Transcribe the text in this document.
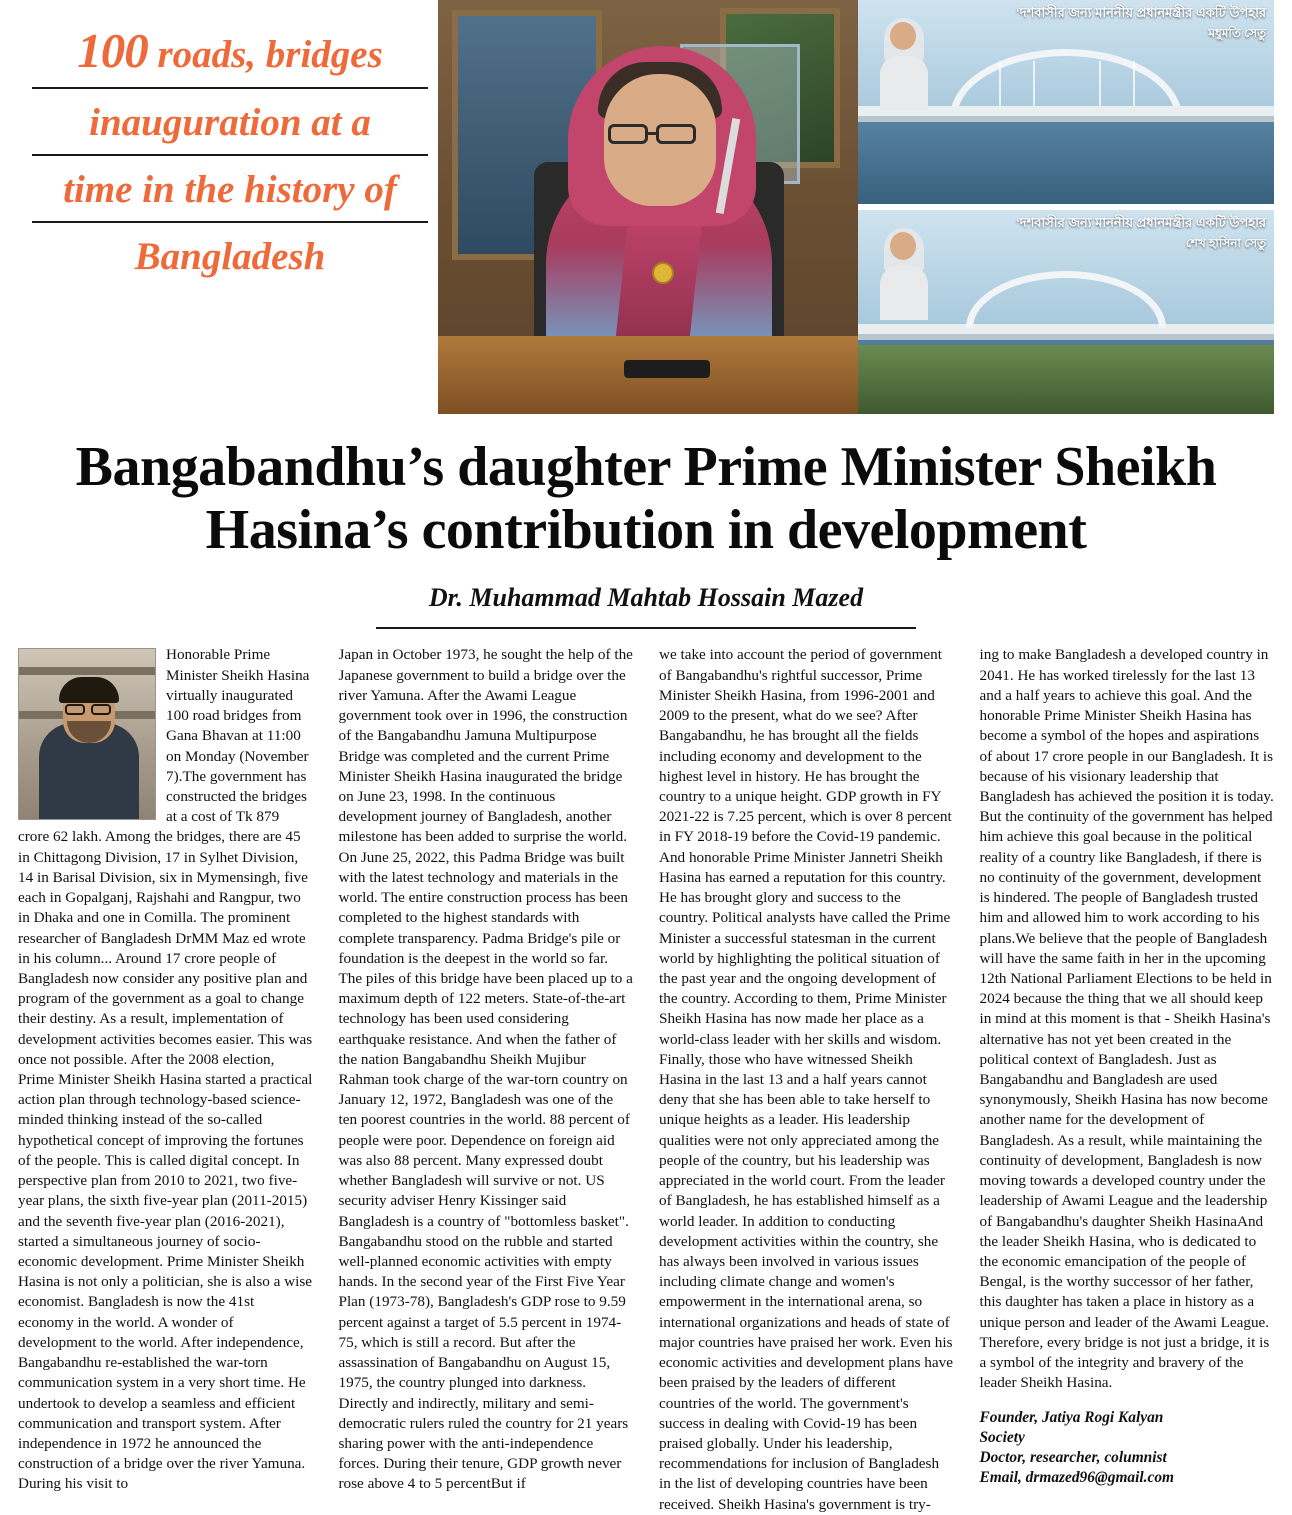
100 roads, bridges
inauguration at a
time in the history of
Bangladesh
‘দশবাসীর জন্য মাননীয় প্রধানমন্ত্রীর একটি উপহার
মধুমতি সেতু
‘দশবাসীর জন্য মাননীয় প্রধানমন্ত্রীর একটি উপহার
শেখ হাসিনা সেতু
Bangabandhu’s daughter Prime Minister Sheikh Hasina’s contribution in development
Dr. Muhammad Mahtab Hossain Mazed

Honorable Prime Minister Sheikh Hasina virtually inaugurated 100 road bridges from Gana Bhavan at 11:00 on Monday (November 7).The government has constructed the bridges at a cost of Tk 879 crore 62 lakh. Among the bridges, there are 45 in Chittagong Division, 17 in Sylhet Division, 14 in Barisal Division, six in Mymensingh, five each in Gopalganj, Rajshahi and Rangpur, two in Dhaka and one in Comilla. The prominent researcher of Bangladesh DrMM Maz ed wrote in his column... Around 17 crore people of Bangladesh now consider any positive plan and program of the government as a goal to change their destiny. As a result, implementation of development activities becomes easier. This was once not possible. After the 2008 election, Prime Minister Sheikh Hasina started a practical action plan through technology-based science-minded thinking instead of the so-called hypothetical concept of improving the fortunes of the people. This is called digital concept. In perspective plan from 2010 to 2021, two five-year plans, the sixth five-year plan (2011-2015) and the seventh five-year plan (2016-2021), started a simultaneous journey of socio-economic development. Prime Minister Sheikh Hasina is not only a politician, she is also a wise economist. Bangladesh is now the 41st economy in the world. A wonder of development to the world. After independence, Bangabandhu re-established the war-torn communication system in a very short time. He undertook to develop a seamless and efficient communication and transport system. After independence in 1972 he announced the construction of a bridge over the river Yamuna. During his visit to

Japan in October 1973, he sought the help of the Japanese government to build a bridge over the river Yamuna. After the Awami League government took over in 1996, the construction of the Bangabandhu Jamuna Multipurpose Bridge was completed and the current Prime Minister Sheikh Hasina inaugurated the bridge on June 23, 1998. In the continuous development journey of Bangladesh, another milestone has been added to surprise the world. On June 25, 2022, this Padma Bridge was built with the latest technology and materials in the world. The entire construction process has been completed to the highest standards with complete transparency. Padma Bridge's pile or foundation is the deepest in the world so far. The piles of this bridge have been placed up to a maximum depth of 122 meters. State-of-the-art technology has been used considering earthquake resistance. And when the father of the nation Bangabandhu Sheikh Mujibur Rahman took charge of the war-torn country on January 12, 1972, Bangladesh was one of the ten poorest countries in the world. 88 percent of people were poor. Dependence on foreign aid was also 88 percent. Many expressed doubt whether Bangladesh will survive or not. US security adviser Henry Kissinger said Bangladesh is a country of "bottomless basket". Bangabandhu stood on the rubble and started well-planned economic activities with empty hands. In the second year of the First Five Year Plan (1973-78), Bangladesh's GDP rose to 9.59 percent against a target of 5.5 percent in 1974-75, which is still a record. But after the assassination of Bangabandhu on August 15, 1975, the country plunged into darkness. Directly and indirectly, military and semi-democratic rulers ruled the country for 21 years sharing power with the anti-independence forces. During their tenure, GDP growth never rose above 4 to 5 percentBut if

we take into account the period of government of Bangabandhu's rightful successor, Prime Minister Sheikh Hasina, from 1996-2001 and 2009 to the present, what do we see? After Bangabandhu, he has brought all the fields including economy and development to the highest level in history. He has brought the country to a unique height. GDP growth in FY 2021-22 is 7.25 percent, which is over 8 percent in FY 2018-19 before the Covid-19 pandemic. And honorable Prime Minister Jannetri Sheikh Hasina has earned a reputation for this country. He has brought glory and success to the country. Political analysts have called the Prime Minister a successful statesman in the current world by highlighting the political situation of the past year and the ongoing development of the country. According to them, Prime Minister Sheikh Hasina has now made her place as a world-class leader with her skills and wisdom. Finally, those who have witnessed Sheikh Hasina in the last 13 and a half years cannot deny that she has been able to take herself to unique heights as a leader. His leadership qualities were not only appreciated among the people of the country, but his leadership was appreciated in the world court. From the leader of Bangladesh, he has established himself as a world leader. In addition to conducting development activities within the country, she has always been involved in various issues including climate change and women's empowerment in the international arena, so international organizations and heads of state of major countries have praised her work. Even his economic activities and development plans have been praised by the leaders of different countries of the world. The government's success in dealing with Covid-19 has been praised globally. Under his leadership, recommendations for inclusion of Bangladesh in the list of developing countries have been received. Sheikh Hasina's government is try-

ing to make Bangladesh a developed country in 2041. He has worked tirelessly for the last 13 and a half years to achieve this goal. And the honorable Prime Minister Sheikh Hasina has become a symbol of the hopes and aspirations of about 17 crore people in our Bangladesh. It is because of his visionary leadership that Bangladesh has achieved the position it is today. But the continuity of the government has helped him achieve this goal because in the political reality of a country like Bangladesh, if there is no continuity of the government, development is hindered. The people of Bangladesh trusted him and allowed him to work according to his plans.We believe that the people of Bangladesh will have the same faith in her in the upcoming 12th National Parliament Elections to be held in 2024 because the thing that we all should keep in mind at this moment is that - Sheikh Hasina's alternative has not yet been created in the political context of Bangladesh. Just as Bangabandhu and Bangladesh are used synonymously, Sheikh Hasina has now become another name for the development of Bangladesh. As a result, while maintaining the continuity of development, Bangladesh is now moving towards a developed country under the leadership of Awami League and the leadership of Bangabandhu's daughter Sheikh HasinaAnd the leader Sheikh Hasina, who is dedicated to the economic emancipation of the people of Bengal, is the worthy successor of her father, this daughter has taken a place in history as a unique person and leader of the Awami League. Therefore, every bridge is not just a bridge, it is a symbol of the integrity and bravery of the leader Sheikh Hasina.

Founder, Jatiya Rogi Kalyan
Society
Doctor, researcher, columnist
Email, drmazed96@gmail.com
